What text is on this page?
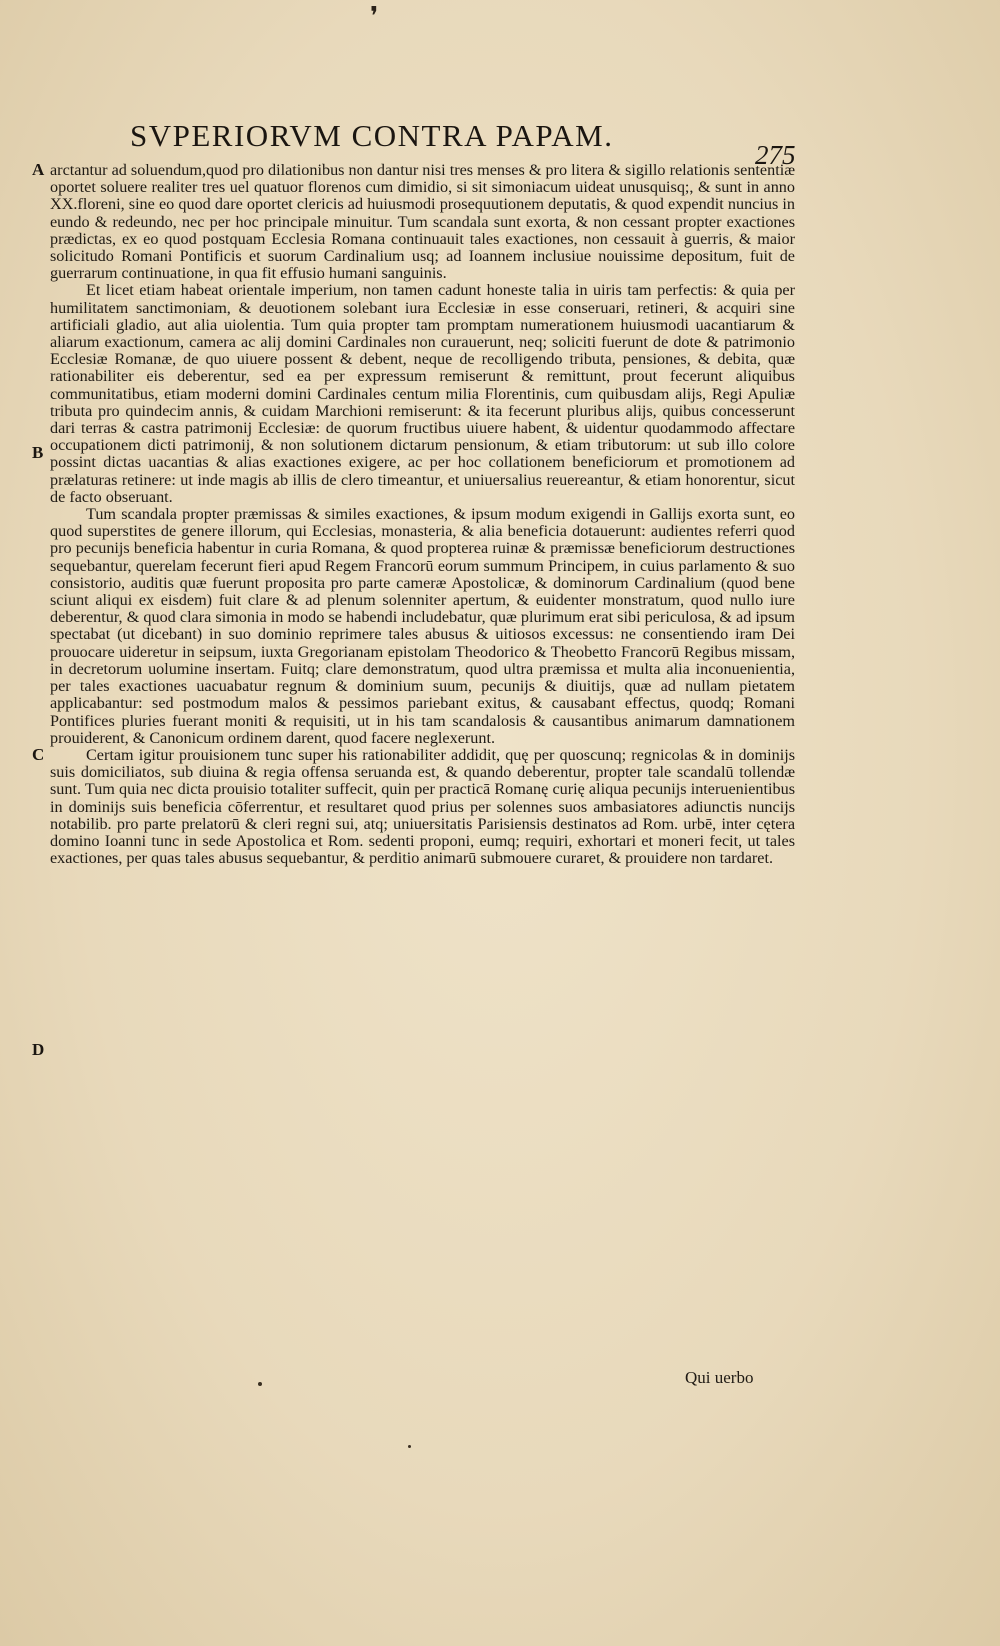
❜
SVPERIORVM CONTRA PAPAM.
275
A
B
C
D

arctantur ad soluendum,quod pro dilationibus non dantur nisi tres menses & pro litera & sigillo relationis sententiæ oportet soluere realiter tres uel quatuor florenos cum dimidio, si sit simoniacum uideat unusquisq;, & sunt in anno XX.floreni, sine eo quod dare oportet clericis ad huiusmodi prosequutionem deputatis, & quod expendit nuncius in eundo & redeundo, nec per hoc principale minuitur. Tum scandala sunt exorta, & non cessant propter exactiones prædictas, ex eo quod postquam Ecclesia Romana continuauit tales exactiones, non cessauit à guerris, & maior solicitudo Romani Pontificis et suorum Cardinalium usq; ad Ioannem inclusiue nouissime depositum, fuit de guerrarum continuatione, in qua fit effusio humani sanguinis.

Et licet etiam habeat orientale imperium, non tamen cadunt honeste talia in uiris tam perfectis: & quia per humilitatem sanctimoniam, & deuotionem solebant iura Ecclesiæ in esse conseruari, retineri, & acquiri sine artificiali gladio, aut alia uiolentia. Tum quia propter tam promptam numerationem huiusmodi uacantiarum & aliarum exactionum, camera ac alij domini Cardinales non curauerunt, neq; soliciti fuerunt de dote & patrimonio Ecclesiæ Romanæ, de quo uiuere possent & debent, neque de recolligendo tributa, pensiones, & debita, quæ rationabiliter eis deberentur, sed ea per expressum remiserunt & remittunt, prout fecerunt aliquibus communitatibus, etiam moderni domini Cardinales centum milia Florentinis, cum quibusdam alijs, Regi Apuliæ tributa pro quindecim annis, & cuidam Marchioni remiserunt: & ita fecerunt pluribus alijs, quibus concesserunt dari terras & castra patrimonij Ecclesiæ: de quorum fructibus uiuere habent, & uidentur quodammodo affectare occupationem dicti patrimonij, & non solutionem dictarum pensionum, & etiam tributorum: ut sub illo colore possint dictas uacantias & alias exactiones exigere, ac per hoc collationem beneficiorum et promotionem ad prælaturas retinere: ut inde magis ab illis de clero timeantur, et uniuersalius reuereantur, & etiam honorentur, sicut de facto obseruant.

Tum scandala propter præmissas & similes exactiones, & ipsum modum exigendi in Gallijs exorta sunt, eo quod superstites de genere illorum, qui Ecclesias, monasteria, & alia beneficia dotauerunt: audientes referri quod pro pecunijs beneficia habentur in curia Romana, & quod propterea ruinæ & præmissæ beneficiorum destructiones sequebantur, querelam fecerunt fieri apud Regem Francorū eorum summum Principem, in cuius parlamento & suo consistorio, auditis quæ fuerunt proposita pro parte cameræ Apostolicæ, & dominorum Cardinalium (quod bene sciunt aliqui ex eisdem) fuit clare & ad plenum solenniter apertum, & euidenter monstratum, quod nullo iure deberentur, & quod clara simonia in modo se habendi includebatur, quæ plurimum erat sibi periculosa, & ad ipsum spectabat (ut dicebant) in suo dominio reprimere tales abusus & uitiosos excessus: ne consentiendo iram Dei prouocare uideretur in seipsum, iuxta Gregorianam epistolam Theodorico & Theobetto Francorū Regibus missam, in decretorum uolumine insertam. Fuitq; clare demonstratum, quod ultra præmissa et multa alia inconuenientia, per tales exactiones uacuabatur regnum & dominium suum, pecunijs & diuitijs, quæ ad nullam pietatem applicabantur: sed postmodum malos & pessimos pariebant exitus, & causabant effectus, quodq; Romani Pontifices pluries fuerant moniti & requisiti, ut in his tam scandalosis & causantibus animarum damnationem prouiderent, & Canonicum ordinem darent, quod facere neglexerunt.

Certam igitur prouisionem tunc super his rationabiliter addidit, quę per quoscunq; regnicolas & in dominijs suis domiciliatos, sub diuina & regia offensa seruanda est, & quando deberentur, propter tale scandalū tollendæ sunt. Tum quia nec dicta prouisio totaliter suffecit, quin per practicā Romanę curię aliqua pecunijs interuenientibus in dominijs suis beneficia cōferrentur, et resultaret quod prius per solennes suos ambasiatores adiunctis nuncijs notabilib. pro parte prelatorū & cleri regni sui, atq; uniuersitatis Parisiensis destinatos ad Rom. urbē, inter cętera domino Ioanni tunc in sede Apostolica et Rom. sedenti proponi, eumq; requiri, exhortari et moneri fecit, ut tales exactiones, per quas tales abusus sequebantur, & perditio animarū submouere curaret, & prouidere non tardaret.

Qui uerbo
